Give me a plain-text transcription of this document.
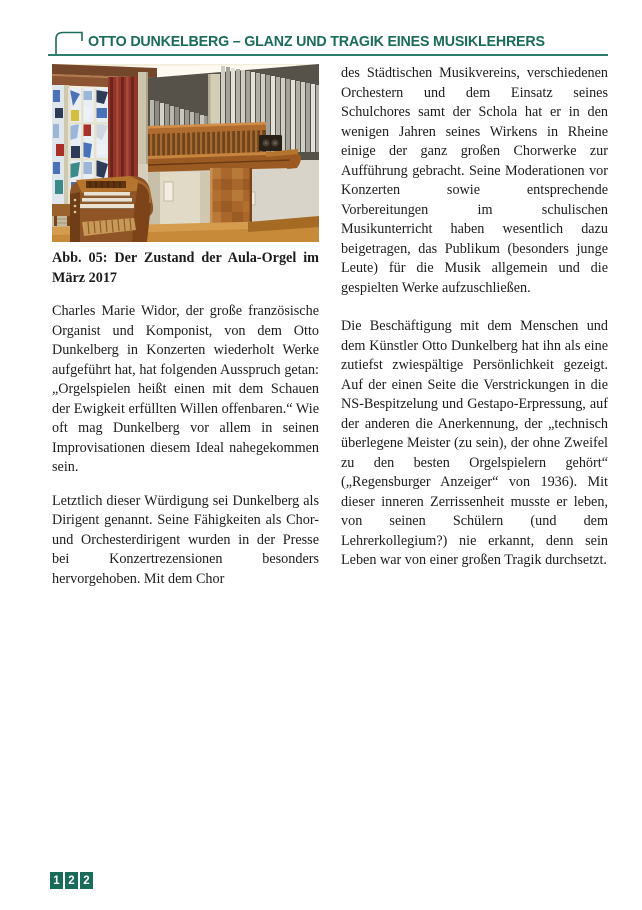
OTTO DUNKELBERG – GLANZ UND TRAGIK EINES MUSIKLEHRERS

Abb. 05: Der Zustand der Aula-Orgel im März 2017

Charles Marie Widor, der große französische Organist und Komponist, von dem Otto Dunkelberg in Konzerten wiederholt Werke aufgeführt hat, hat folgenden Ausspruch getan: „Orgelspielen heißt einen mit dem Schauen der Ewigkeit erfüllten Willen offenbaren.“ Wie oft mag Dunkelberg vor allem in seinen Improvisationen diesem Ideal nahegekommen sein.

Letztlich dieser Würdigung sei Dunkelberg als Dirigent genannt. Seine Fähigkeiten als Chor- und Orchesterdirigent wurden in der Presse bei Konzertrezensionen besonders hervorgehoben. Mit dem Chor

des Städtischen Musikvereins, verschiedenen Orchestern und dem Einsatz seines Schulchores samt der Schola hat er in den wenigen Jahren seines Wirkens in Rheine einige der ganz großen Chorwerke zur Aufführung gebracht. Seine Moderationen vor Konzerten sowie entsprechende Vorbereitungen im schulischen Musikunterricht haben wesentlich dazu beigetragen, das Publikum (besonders junge Leute) für die Musik allgemein und die gespielten Werke aufzuschließen.

Die Beschäftigung mit dem Menschen und dem Künstler Otto Dunkelberg hat ihn als eine zutiefst zwiespältige Persönlichkeit gezeigt. Auf der einen Seite die Verstrickungen in die NS-Bespitzelung und Gestapo-Erpressung, auf der anderen die Anerkennung, der „technisch überlegene Meister (zu sein), der ohne Zweifel zu den besten Orgelspielern gehört“ („Regensburger Anzeiger“ von 1936). Mit dieser inneren Zerrissenheit musste er leben, von seinen Schülern (und dem Lehrerkollegium?) nie erkannt, denn sein Leben war von einer großen Tragik durchsetzt.

1 2 2
